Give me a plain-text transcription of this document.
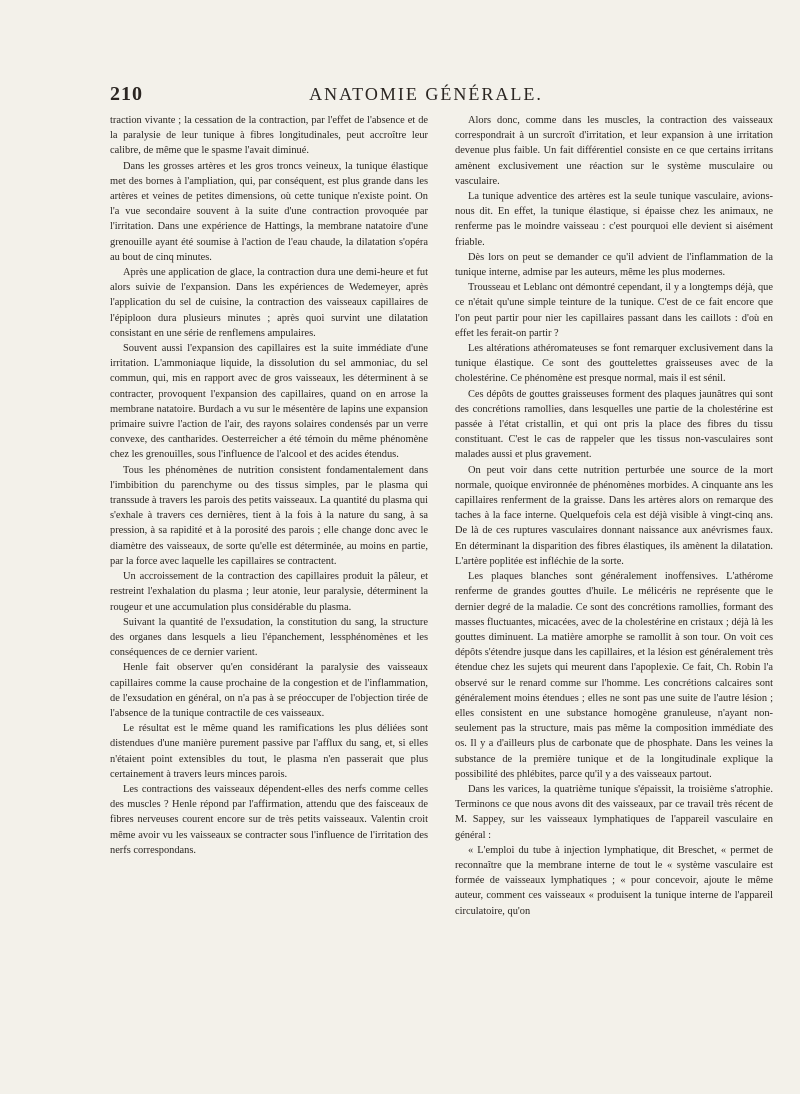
210	ANATOMIE GÉNÉRALE.

traction vivante ; la cessation de la contraction, par l'effet de l'absence et de la paralysie de leur tunique à fibres longitudinales, peut accroître leur calibre, de même que le spasme l'avait diminué.

Dans les grosses artères et les gros troncs veineux, la tunique élastique met des bornes à l'ampliation, qui, par conséquent, est plus grande dans les artères et veines de petites dimensions, où cette tunique n'existe point. On l'a vue secondaire souvent à la suite d'une contraction provoquée par l'irritation. Dans une expérience de Hattings, la membrane natatoire d'une grenouille ayant été soumise à l'action de l'eau chaude, la dilatation s'opéra au bout de cinq minutes.

Après une application de glace, la contraction dura une demi-heure et fut alors suivie de l'expansion. Dans les expériences de Wedemeyer, après l'application du sel de cuisine, la contraction des vaisseaux capillaires de l'épiploon dura plusieurs minutes ; après quoi survint une dilatation consistant en une série de renflemens ampulaires.

Souvent aussi l'expansion des capillaires est la suite immédiate d'une irritation. L'ammoniaque liquide, la dissolution du sel ammoniac, du sel commun, qui, mis en rapport avec de gros vaisseaux, les déterminent à se contracter, provoquent l'expansion des capillaires, quand on en arrose la membrane natatoire. Burdach a vu sur le mésentère de lapins une expansion primaire suivre l'action de l'air, des rayons solaires condensés par un verre convexe, des cantharides. Oesterreicher a été témoin du même phénomène chez les grenouilles, sous l'influence de l'alcool et des acides étendus.

Tous les phénomènes de nutrition consistent fondamentalement dans l'imbibition du parenchyme ou des tissus simples, par le plasma qui transsude à travers les parois des petits vaisseaux. La quantité du plasma qui s'exhale à travers ces dernières, tient à la fois à la nature du sang, à sa pression, à sa rapidité et à la porosité des parois ; elle change donc avec le diamètre des vaisseaux, de sorte qu'elle est déterminée, au moins en partie, par la force avec laquelle les capillaires se contractent.

Un accroissement de la contraction des capillaires produit la pâleur, et restreint l'exhalation du plasma ; leur atonie, leur paralysie, déterminent la rougeur et une accumulation plus considérable du plasma.

Suivant la quantité de l'exsudation, la constitution du sang, la structure des organes dans lesquels a lieu l'épanchement, lessphénomènes et les conséquences de ce dernier varient.

Henle fait observer qu'en considérant la paralysie des vaisseaux capillaires comme la cause prochaine de la congestion et de l'inflammation, de l'exsudation en général, on n'a pas à se préoccuper de l'objection tirée de l'absence de la tunique contractile de ces vaisseaux.

Le résultat est le même quand les ramifications les plus déliées sont distendues d'une manière purement passive par l'afflux du sang, et, si elles n'étaient point extensibles du tout, le plasma n'en passerait que plus certainement à travers leurs minces parois.

Les contractions des vaisseaux dépendent-elles des nerfs comme celles des muscles ? Henle répond par l'affirmation, attendu que des faisceaux de fibres nerveuses courent encore sur de très petits vaisseaux. Valentin croit même avoir vu les vaisseaux se contracter sous l'influence de l'irritation des nerfs correspondans.

Alors donc, comme dans les muscles, la contraction des vaisseaux correspondrait à un surcroît d'irritation, et leur expansion à une irritation devenue plus faible. Un fait différentiel consiste en ce que certains irritans amènent exclusivement une réaction sur le système musculaire ou vasculaire.

La tunique adventice des artères est la seule tunique vasculaire, avions-nous dit. En effet, la tunique élastique, si épaisse chez les animaux, ne renferme pas le moindre vaisseau : c'est pourquoi elle devient si aisément friable.

Dès lors on peut se demander ce qu'il advient de l'inflammation de la tunique interne, admise par les auteurs, même les plus modernes.

Trousseau et Leblanc ont démontré cependant, il y a longtemps déjà, que ce n'était qu'une simple teinture de la tunique. C'est de ce fait encore que l'on peut partir pour nier les capillaires passant dans les caillots : d'où en effet les ferait-on partir ?

Les altérations athéromateuses se font remarquer exclusivement dans la tunique élastique. Ce sont des gouttelettes graisseuses avec de la cholestérine. Ce phénomène est presque normal, mais il est sénil.

Ces dépôts de gouttes graisseuses forment des plaques jaunâtres qui sont des concrétions ramollies, dans lesquelles une partie de la cholestérine est passée à l'état cristallin, et qui ont pris la place des fibres du tissu constituant. C'est le cas de rappeler que les tissus non-vasculaires sont malades aussi et plus gravement.

On peut voir dans cette nutrition perturbée une source de la mort normale, quoique environnée de phénomènes morbides. A cinquante ans les capillaires renferment de la graisse. Dans les artères alors on remarque des taches à la face interne. Quelquefois cela est déjà visible à vingt-cinq ans. De là de ces ruptures vasculaires donnant naissance aux anévrismes faux. En déterminant la disparition des fibres élastiques, ils amènent la dilatation. L'artère poplitée est infléchie de la sorte.

Les plaques blanches sont généralement inoffensives. L'athérome renferme de grandes gouttes d'huile. Le mélicéris ne représente que le dernier degré de la maladie. Ce sont des concrétions ramollies, formant des masses fluctuantes, micacées, avec de la cholestérine en cristaux ; déjà là les gouttes diminuent. La matière amorphe se ramollit à son tour. On voit ces dépôts s'étendre jusque dans les capillaires, et la lésion est généralement très étendue chez les sujets qui meurent dans l'apoplexie. Ce fait, Ch. Robin l'a observé sur le renard comme sur l'homme. Les concrétions calcaires sont généralement moins étendues ; elles ne sont pas une suite de l'autre lésion ; elles consistent en une substance homogène granuleuse, n'ayant non-seulement pas la structure, mais pas même la composition immédiate des os. Il y a d'ailleurs plus de carbonate que de phosphate. Dans les veines la substance de la première tunique et de la longitudinale explique la possibilité des phlébites, parce qu'il y a des vaisseaux partout.

Dans les varices, la quatrième tunique s'épaissit, la troisième s'atrophie. Terminons ce que nous avons dit des vaisseaux, par ce travail très récent de M. Sappey, sur les vaisseaux lymphatiques de l'appareil vasculaire en général :

« L'emploi du tube à injection lymphatique, dit Breschet, « permet de reconnaître que la membrane interne de tout le « système vasculaire est formée de vaisseaux lymphatiques ; « pour concevoir, ajoute le même auteur, comment ces vaisseaux « produisent la tunique interne de l'appareil circulatoire, qu'on
